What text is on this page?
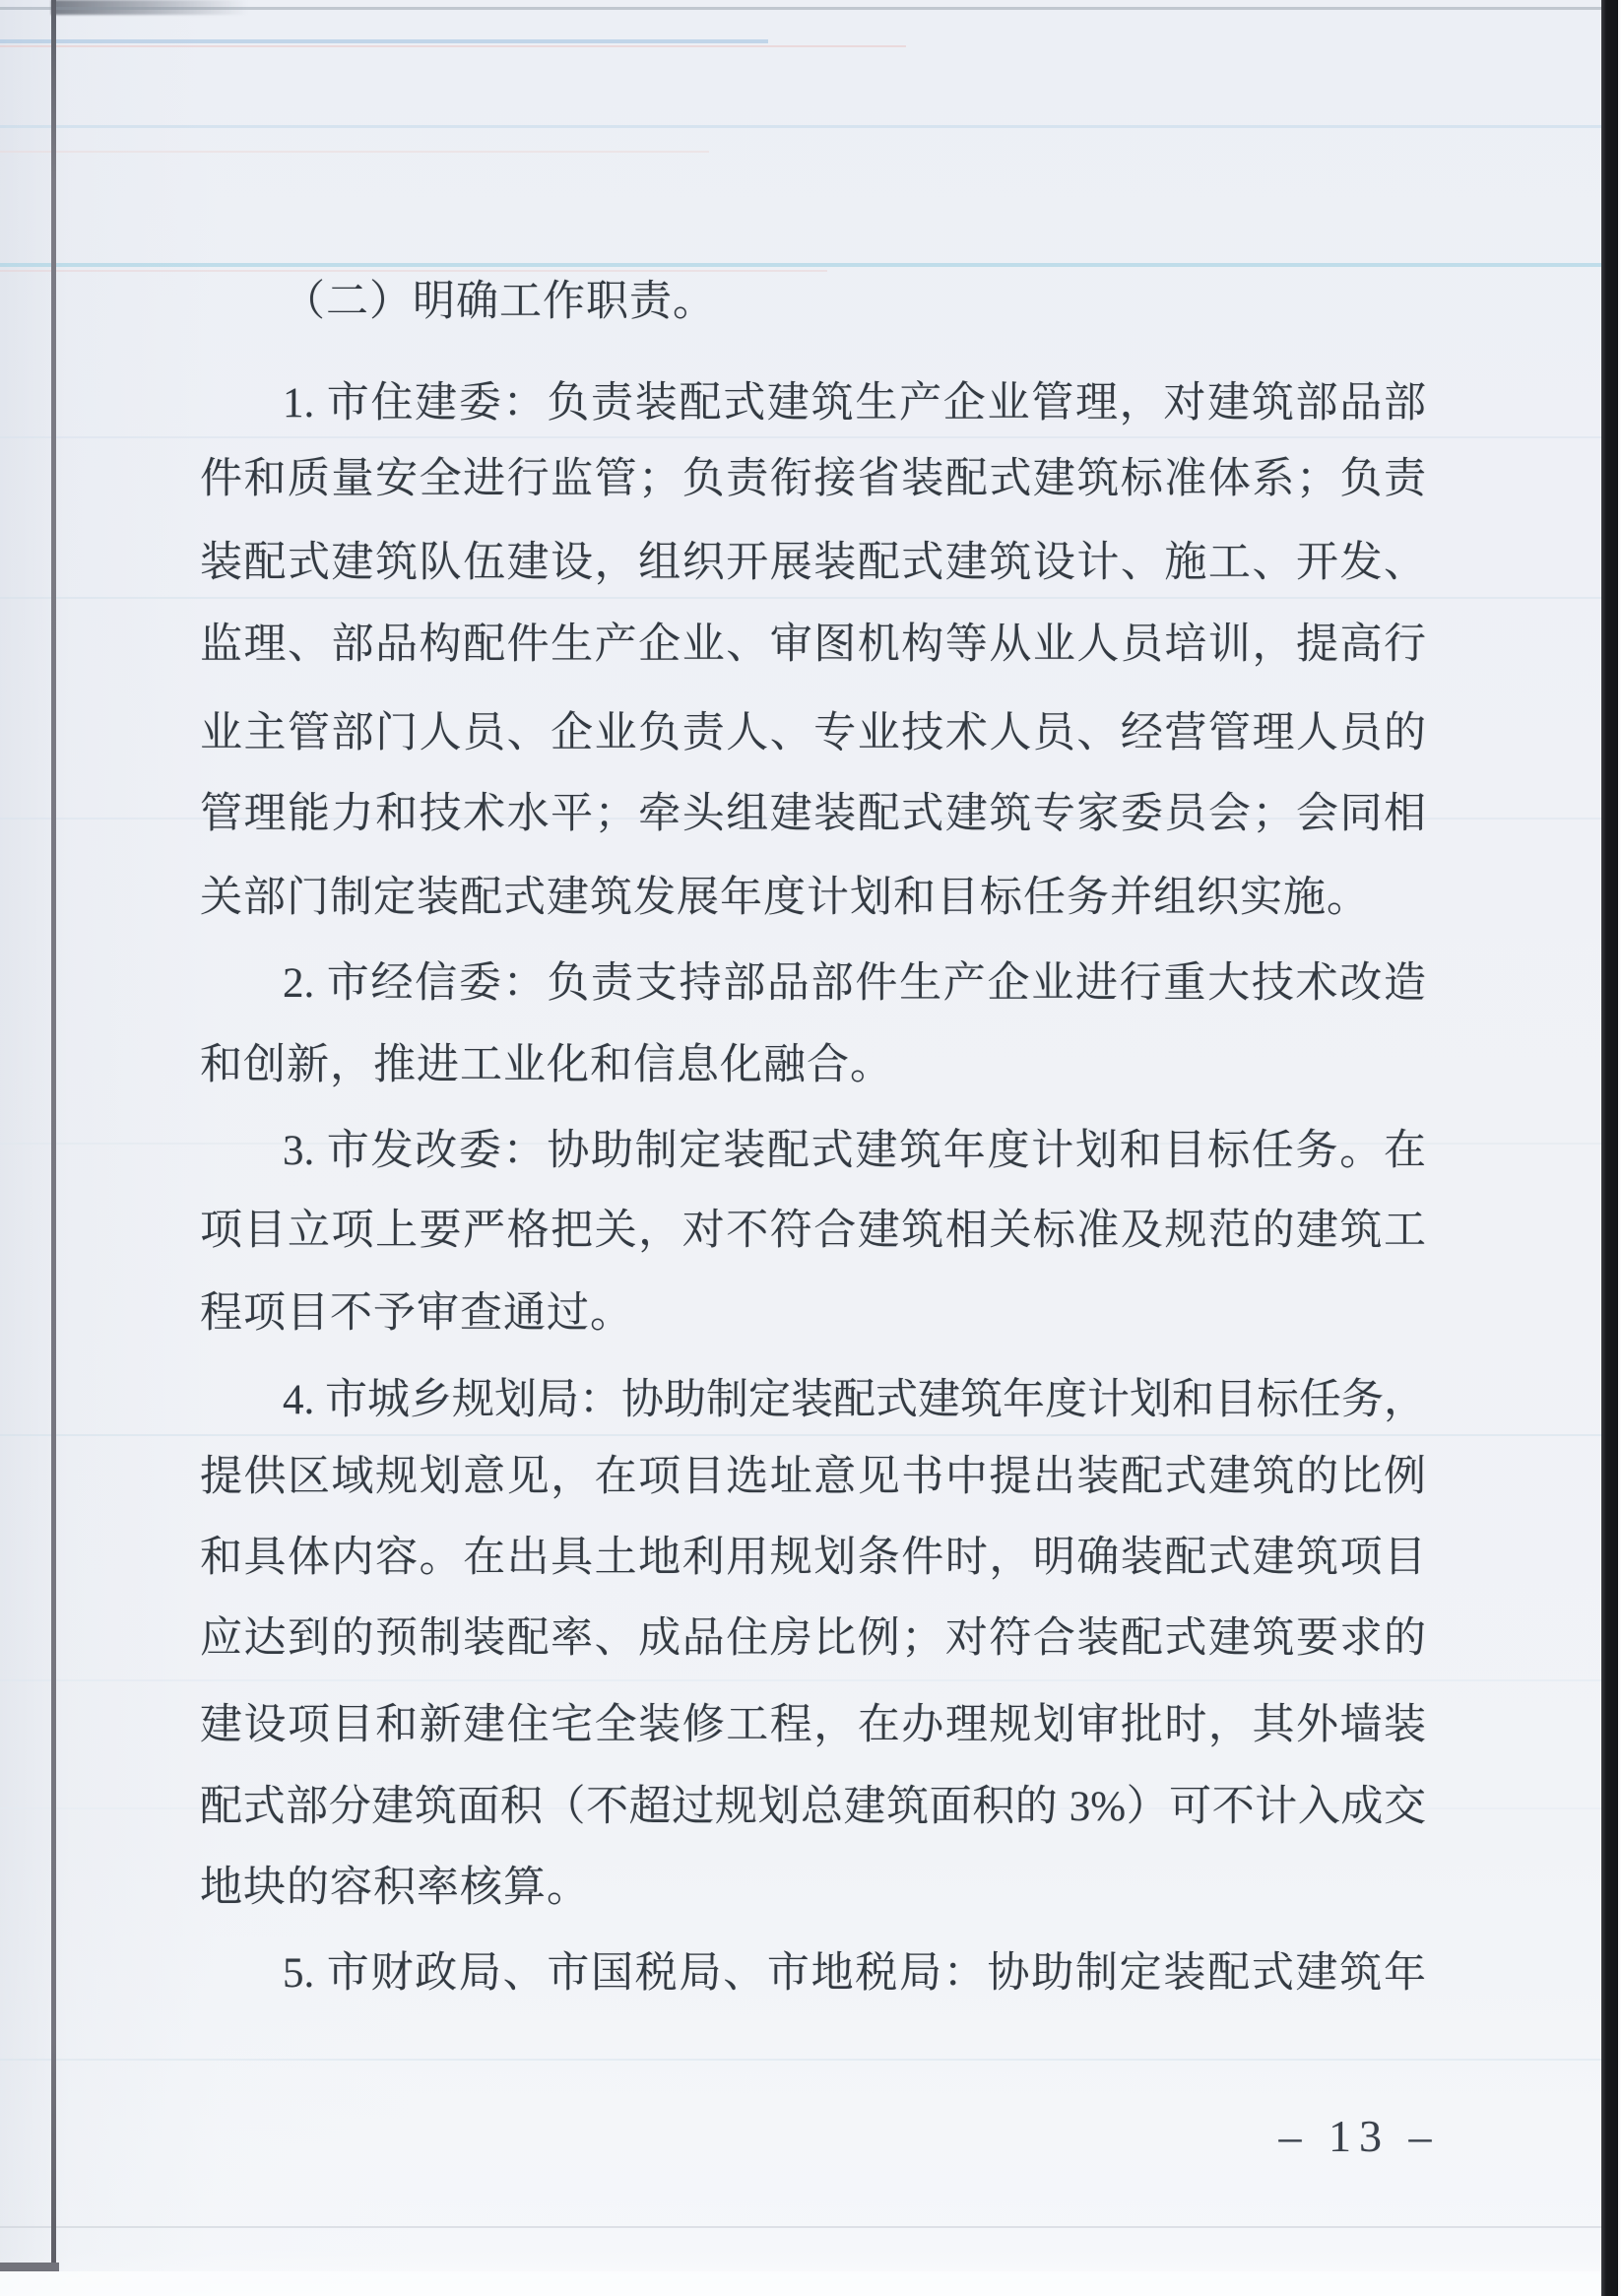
（二）明确工作职责。
1. 市住建委：负责装配式建筑生产企业管理，对建筑部品部
件和质量安全进行监管；负责衔接省装配式建筑标准体系；负责
装配式建筑队伍建设，组织开展装配式建筑设计、施工、开发、
监理、部品构配件生产企业、审图机构等从业人员培训，提高行
业主管部门人员、企业负责人、专业技术人员、经营管理人员的
管理能力和技术水平；牵头组建装配式建筑专家委员会；会同相
关部门制定装配式建筑发展年度计划和目标任务并组织实施。
2. 市经信委：负责支持部品部件生产企业进行重大技术改造
和创新，推进工业化和信息化融合。
3. 市发改委：协助制定装配式建筑年度计划和目标任务。在
项目立项上要严格把关，对不符合建筑相关标准及规范的建筑工
程项目不予审查通过。
4. 市城乡规划局：协助制定装配式建筑年度计划和目标任务，
提供区域规划意见，在项目选址意见书中提出装配式建筑的比例
和具体内容。在出具土地利用规划条件时，明确装配式建筑项目
应达到的预制装配率、成品住房比例；对符合装配式建筑要求的
建设项目和新建住宅全装修工程，在办理规划审批时，其外墙装
配式部分建筑面积（不超过规划总建筑面积的 3%）可不计入成交
地块的容积率核算。
5. 市财政局、市国税局、市地税局：协助制定装配式建筑年
– 13 –
